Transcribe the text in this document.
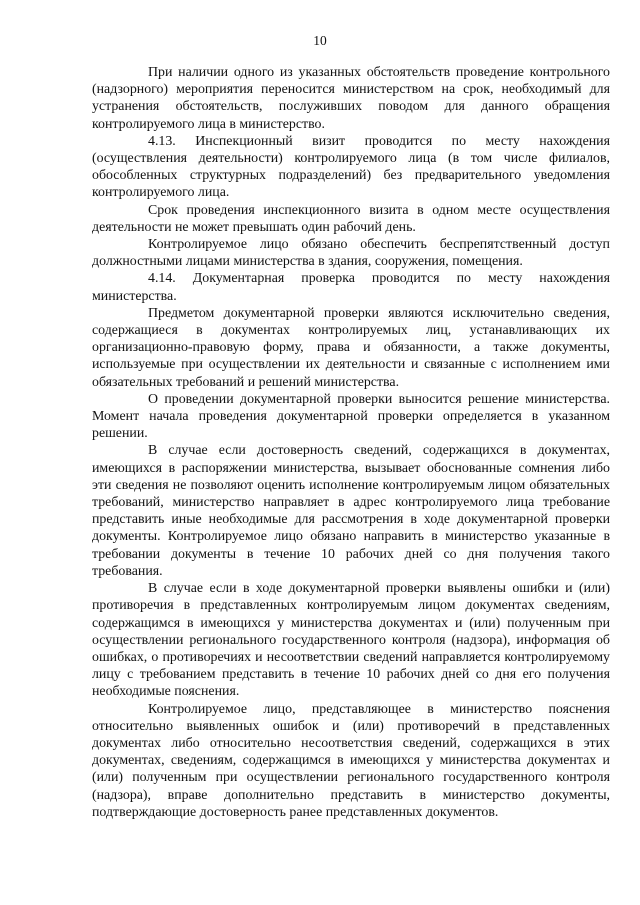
10

При наличии одного из указанных обстоятельств проведение контрольного (надзорного) мероприятия переносится министерством на срок, необходимый для устранения обстоятельств, послуживших поводом для данного обращения контролируемого лица в министерство.

4.13. Инспекционный визит проводится по месту нахождения (осуществления деятельности) контролируемого лица (в том числе филиалов, обособленных структурных подразделений) без предварительного уведомления контролируемого лица.

Срок проведения инспекционного визита в одном месте осуществления деятельности не может превышать один рабочий день.

Контролируемое лицо обязано обеспечить беспрепятственный доступ должностными лицами министерства в здания, сооружения, помещения.

4.14. Документарная проверка проводится по месту нахождения министерства.

Предметом документарной проверки являются исключительно сведения, содержащиеся в документах контролируемых лиц, устанавливающих их организационно-правовую форму, права и обязанности, а также документы, используемые при осуществлении их деятельности и связанные с исполнением ими обязательных требований и решений министерства.

О проведении документарной проверки выносится решение министерства. Момент начала проведения документарной проверки определяется в указанном решении.

В случае если достоверность сведений, содержащихся в документах, имеющихся в распоряжении министерства, вызывает обоснованные сомнения либо эти сведения не позволяют оценить исполнение контролируемым лицом обязательных требований, министерство направляет в адрес контролируемого лица требование представить иные необходимые для рассмотрения в ходе документарной проверки документы. Контролируемое лицо обязано направить в министерство указанные в требовании документы в течение 10 рабочих дней со дня получения такого требования.

В случае если в ходе документарной проверки выявлены ошибки и (или) противоречия в представленных контролируемым лицом документах сведениям, содержащимся в имеющихся у министерства документах и (или) полученным при осуществлении регионального государственного контроля (надзора), информация об ошибках, о противоречиях и несоответствии сведений направляется контролируемому лицу с требованием представить в течение 10 рабочих дней со дня его получения необходимые пояснения.

Контролируемое лицо, представляющее в министерство пояснения относительно выявленных ошибок и (или) противоречий в представленных документах либо относительно несоответствия сведений, содержащихся в этих документах, сведениям, содержащимся в имеющихся у министерства документах и (или) полученным при осуществлении регионального государственного контроля (надзора), вправе дополнительно представить в министерство документы, подтверждающие достоверность ранее представленных документов.
